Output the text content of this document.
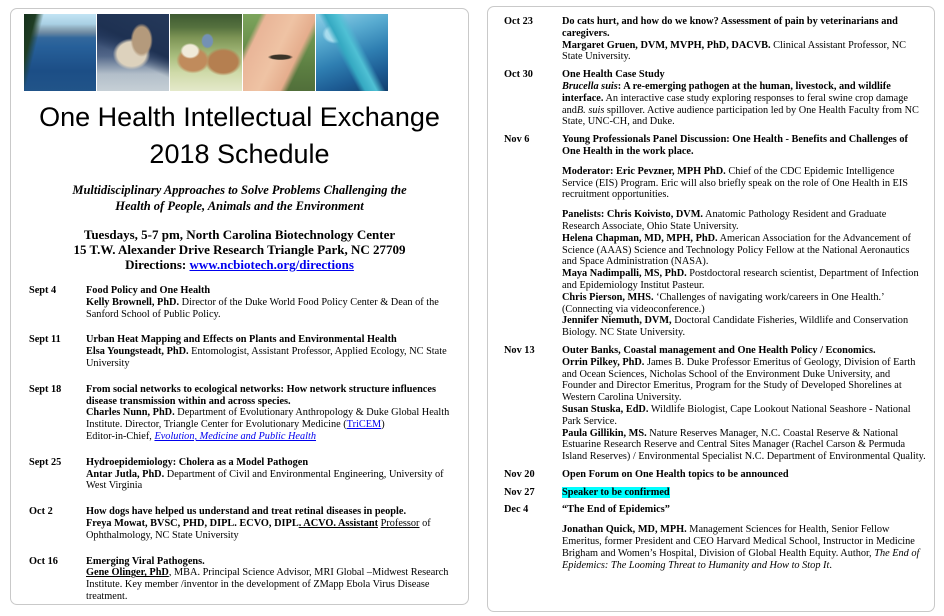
One Health Intellectual Exchange
2018 Schedule
Multidisciplinary Approaches to Solve Problems Challenging the Health of People, Animals and the Environment
Tuesdays, 5-7 pm, North Carolina Biotechnology Center
15 T.W. Alexander Drive Research Triangle Park, NC 27709
Directions: www.ncbiotech.org/directions
Sept 4	Food Policy and One Health
Kelly Brownell, PhD. Director of the Duke World Food Policy Center & Dean of the Sanford School of Public Policy.
Sept 11	Urban Heat Mapping and Effects on Plants and Environmental Health
Elsa Youngsteadt, PhD. Entomologist, Assistant Professor, Applied Ecology, NC State University
Sept 18	From social networks to ecological networks: How network structure influences disease transmission within and across species.
Charles Nunn, PhD. Department of Evolutionary Anthropology & Duke Global Health Institute. Director, Triangle Center for Evolutionary Medicine (TriCEM)
Editor-in-Chief, Evolution, Medicine and Public Health
Sept 25	Hydroepidemiology: Cholera as a Model Pathogen
Antar Jutla, PhD. Department of Civil and Environmental Engineering, University of West Virginia
Oct 2	How dogs have helped us understand and treat retinal diseases in people.
Freya Mowat, BVSC, PHD, DIPL. ECVO, DIPL. ACVO. Assistant Professor of Ophthalmology, NC State University
Oct 16	Emerging Viral Pathogens.
Gene Olinger, PhD, MBA. Principal Science Advisor, MRI Global –Midwest Research Institute. Key member /inventor in the development of ZMapp Ebola Virus Disease treatment.
Oct 23	Do cats hurt, and how do we know? Assessment of pain by veterinarians and caregivers.
Margaret Gruen, DVM, MVPH, PhD, DACVB. Clinical Assistant Professor, NC State University.
Oct 30	One Health Case Study
Brucella suis: A re-emerging pathogen at the human, livestock, and wildlife interface. An interactive case study exploring responses to feral swine crop damage andB. suis spillover. Active audience participation led by One Health Faculty from NC State, UNC-CH, and Duke.
Nov 6	Young Professionals Panel Discussion: One Health - Benefits and Challenges of One Health in the work place.
Moderator: Eric Pevzner, MPH PhD. Chief of the CDC Epidemic Intelligence Service (EIS) Program. Eric will also briefly speak on the role of One Health in EIS recruitment opportunities.
Panelists: Chris Koivisto, DVM. Anatomic Pathology Resident and Graduate Research Associate, Ohio State University.
Helena Chapman, MD, MPH, PhD. American Association for the Advancement of Science (AAAS) Science and Technology Policy Fellow at the National Aeronautics and Space Administration (NASA).
Maya Nadimpalli, MS, PhD. Postdoctoral research scientist, Department of Infection and Epidemiology Institut Pasteur.
Chris Pierson, MHS. ‘Challenges of navigating work/careers in One Health.’ (Connecting via videoconference.)
Jennifer Niemuth, DVM, Doctoral Candidate Fisheries, Wildlife and Conservation Biology. NC State University.
Nov 13	Outer Banks, Coastal management and One Health Policy / Economics.
Orrin Pilkey, PhD. James B. Duke Professor Emeritus of Geology, Division of Earth and Ocean Sciences, Nicholas School of the Environment Duke University, and Founder and Director Emeritus, Program for the Study of Developed Shorelines at Western Carolina University.
Susan Stuska, EdD. Wildlife Biologist, Cape Lookout National Seashore - National Park Service.
Paula Gillikin, MS. Nature Reserves Manager, N.C. Coastal Reserve & National Estuarine Research Reserve and Central Sites Manager (Rachel Carson & Permuda Island Reserves) / Environmental Specialist N.C. Department of Environmental Quality.
Nov 20	Open Forum on One Health topics to be announced
Nov 27	Speaker to be confirmed
Dec 4	“The End of Epidemics”
Jonathan Quick, MD, MPH. Management Sciences for Health, Senior Fellow Emeritus, former President and CEO Harvard Medical School, Instructor in Medicine Brigham and Women’s Hospital, Division of Global Health Equity. Author, The End of Epidemics: The Looming Threat to Humanity and How to Stop It.
